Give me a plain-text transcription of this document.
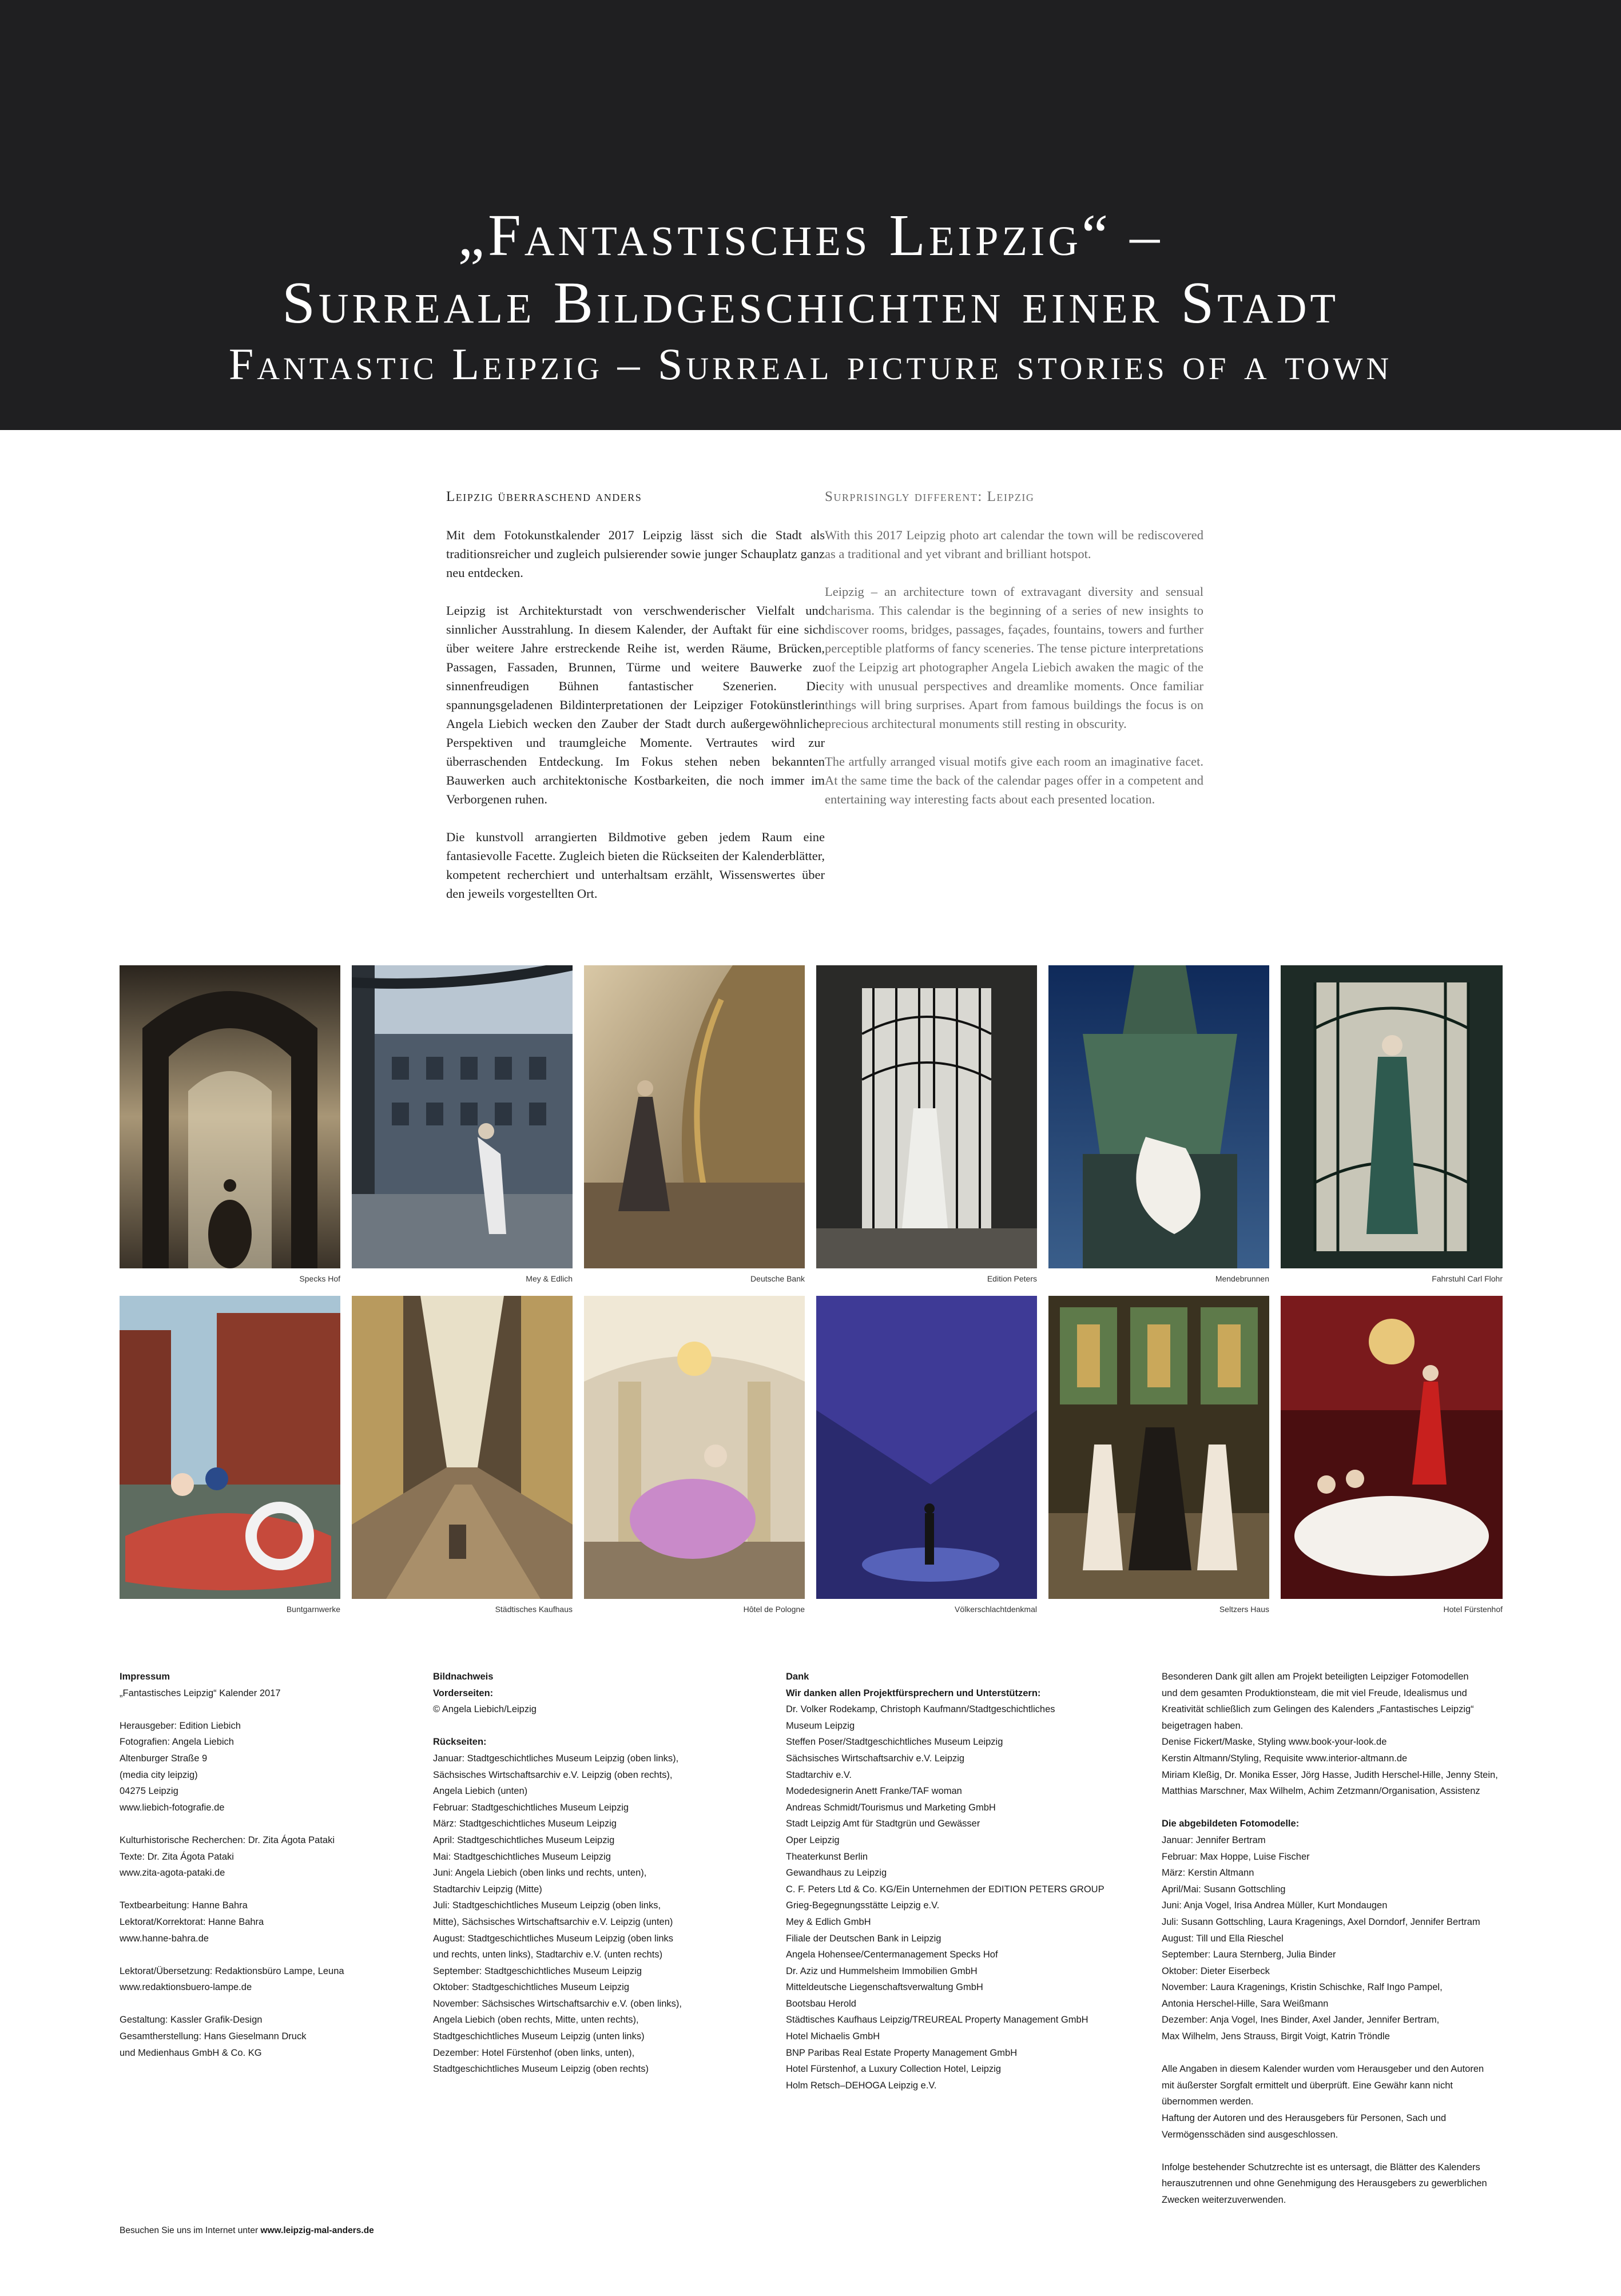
„Fantastisches Leipzig“ –
Surreale Bildgeschichten einer Stadt
Fantastic Leipzig – Surreal picture stories of a town
Leipzig überraschend anders

Mit dem Fotokunstkalender 2017 Leipzig lässt sich die Stadt als traditionsreicher und zugleich pulsierender sowie junger Schauplatz ganz neu entdecken.

Leipzig ist Architekturstadt von verschwenderischer Vielfalt und sinnlicher Ausstrahlung. In diesem Kalender, der Auftakt für eine sich über weitere Jahre erstreckende Reihe ist, werden Räume, Brücken, Passagen, Fassaden, Brunnen, Türme und weitere Bauwerke zu sinnenfreudigen Bühnen fantastischer Szenerien. Die spannungsgeladenen Bildinterpretationen der Leipziger Fotokünstlerin Angela Liebich wecken den Zauber der Stadt durch außergewöhnliche Perspektiven und traumgleiche Momente. Vertrautes wird zur überraschenden Entdeckung. Im Fokus stehen neben bekannten Bauwerken auch architektonische Kostbarkeiten, die noch immer im Verborgenen ruhen.

Die kunstvoll arrangierten Bildmotive geben jedem Raum eine fantasievolle Facette. Zugleich bieten die Rückseiten der Kalenderblätter, kompetent recherchiert und unterhaltsam erzählt, Wissenswertes über den jeweils vorgestellten Ort.

Surprisingly different: Leipzig

With this 2017 Leipzig photo art calendar the town will be rediscovered as a traditional and yet vibrant and brilliant hotspot.

Leipzig – an architecture town of extravagant diversity and sensual charisma. This calendar is the beginning of a series of new insights to discover rooms, bridges, passages, façades, fountains, towers and further perceptible platforms of fancy sceneries. The tense picture interpretations of the Leipzig art photographer Angela Liebich awaken the magic of the city with unusual perspectives and dreamlike moments. Once familiar things will bring surprises. Apart from famous buildings the focus is on precious architectural monuments still resting in obscurity.

The artfully arranged visual motifs give each room an imaginative facet. At the same time the back of the calendar pages offer in a competent and entertaining way interesting facts about each presented location.

Specks Hof	Mey & Edlich	Deutsche Bank	Edition Peters	Mendebrunnen	Fahrstuhl Carl Flohr
Buntgarnwerke	Städtisches Kaufhaus	Hôtel de Pologne	Völkerschlachtdenkmal	Seltzers Haus	Hotel Fürstenhof
Impressum
„Fantastisches Leipzig“ Kalender 2017
Herausgeber: Edition Liebich
Fotografien: Angela Liebich
Altenburger Straße 9
(media city leipzig)
04275 Leipzig
www.liebich-fotografie.de
Kulturhistorische Recherchen: Dr. Zita Ágota Pataki
Texte: Dr. Zita Ágota Pataki
www.zita-agota-pataki.de
Textbearbeitung: Hanne Bahra
Lektorat/Korrektorat: Hanne Bahra
www.hanne-bahra.de
Lektorat/Übersetzung: Redaktionsbüro Lampe, Leuna
www.redaktionsbuero-lampe.de
Gestaltung: Kassler Grafik-Design
Gesamtherstellung: Hans Gieselmann Druck
und Medienhaus GmbH & Co. KG
Bildnachweis
Vorderseiten:
© Angela Liebich/Leipzig
Rückseiten:
Januar: Stadtgeschichtliches Museum Leipzig (oben links),
Sächsisches Wirtschaftsarchiv e.V. Leipzig (oben rechts),
Angela Liebich (unten)
Februar: Stadtgeschichtliches Museum Leipzig
März: Stadtgeschichtliches Museum Leipzig
April: Stadtgeschichtliches Museum Leipzig
Mai: Stadtgeschichtliches Museum Leipzig
Juni: Angela Liebich (oben links und rechts, unten),
Stadtarchiv Leipzig (Mitte)
Juli: Stadtgeschichtliches Museum Leipzig (oben links,
Mitte), Sächsisches Wirtschaftsarchiv e.V. Leipzig (unten)
August: Stadtgeschichtliches Museum Leipzig (oben links
und rechts, unten links), Stadtarchiv e.V. (unten rechts)
September: Stadtgeschichtliches Museum Leipzig
Oktober: Stadtgeschichtliches Museum Leipzig
November: Sächsisches Wirtschaftsarchiv e.V. (oben links),
Angela Liebich (oben rechts, Mitte, unten rechts),
Stadtgeschichtliches Museum Leipzig (unten links)
Dezember: Hotel Fürstenhof (oben links, unten),
Stadtgeschichtliches Museum Leipzig (oben rechts)
Dank
Wir danken allen Projektfürsprechern und Unterstützern:
Dr. Volker Rodekamp, Christoph Kaufmann/Stadtgeschichtliches
Museum Leipzig
Steffen Poser/Stadtgeschichtliches Museum Leipzig
Sächsisches Wirtschaftsarchiv e.V. Leipzig
Stadtarchiv e.V.
Modedesignerin Anett Franke/TAF woman
Andreas Schmidt/Tourismus und Marketing GmbH
Stadt Leipzig Amt für Stadtgrün und Gewässer
Oper Leipzig
Theaterkunst Berlin
Gewandhaus zu Leipzig
C. F. Peters Ltd & Co. KG/Ein Unternehmen der EDITION PETERS GROUP
Grieg-Begegnungsstätte Leipzig e.V.
Mey & Edlich GmbH
Filiale der Deutschen Bank in Leipzig
Angela Hohensee/Centermanagement Specks Hof
Dr. Aziz und Hummelsheim Immobilien GmbH
Mitteldeutsche Liegenschaftsverwaltung GmbH
Bootsbau Herold
Städtisches Kaufhaus Leipzig/TREUREAL Property Management GmbH
Hotel Michaelis GmbH
BNP Paribas Real Estate Property Management GmbH
Hotel Fürstenhof, a Luxury Collection Hotel, Leipzig
Holm Retsch–DEHOGA Leipzig e.V.
Besonderen Dank gilt allen am Projekt beteiligten Leipziger Fotomodellen
und dem gesamten Produktionsteam, die mit viel Freude, Idealismus und
Kreativität schließlich zum Gelingen des Kalenders „Fantastisches Leipzig“
beigetragen haben.
Denise Fickert/Maske, Styling www.book-your-look.de
Kerstin Altmann/Styling, Requisite www.interior-altmann.de
Miriam Kleßig, Dr. Monika Esser, Jörg Hasse, Judith Herschel-Hille, Jenny Stein,
Matthias Marschner, Max Wilhelm, Achim Zetzmann/Organisation, Assistenz
Die abgebildeten Fotomodelle:
Januar: Jennifer Bertram
Februar: Max Hoppe, Luise Fischer
März: Kerstin Altmann
April/Mai: Susann Gottschling
Juni: Anja Vogel, Irisa Andrea Müller, Kurt Mondaugen
Juli: Susann Gottschling, Laura Kragenings, Axel Dorndorf, Jennifer Bertram
August: Till und Ella Rieschel
September: Laura Sternberg, Julia Binder
Oktober: Dieter Eiserbeck
November: Laura Kragenings, Kristin Schischke, Ralf Ingo Pampel,
Antonia Herschel-Hille, Sara Weißmann
Dezember: Anja Vogel, Ines Binder, Axel Jander, Jennifer Bertram,
Max Wilhelm, Jens Strauss, Birgit Voigt, Katrin Tröndle
Alle Angaben in diesem Kalender wurden vom Herausgeber und den Autoren
mit äußerster Sorgfalt ermittelt und überprüft. Eine Gewähr kann nicht
übernommen werden.
Haftung der Autoren und des Herausgebers für Personen, Sach und
Vermögensschäden sind ausgeschlossen.
Infolge bestehender Schutzrechte ist es untersagt, die Blätter des Kalenders
herauszutrennen und ohne Genehmigung des Herausgebers zu gewerblichen
Zwecken weiterzuverwenden.
Besuchen Sie uns im Internet unter www.leipzig-mal-anders.de
